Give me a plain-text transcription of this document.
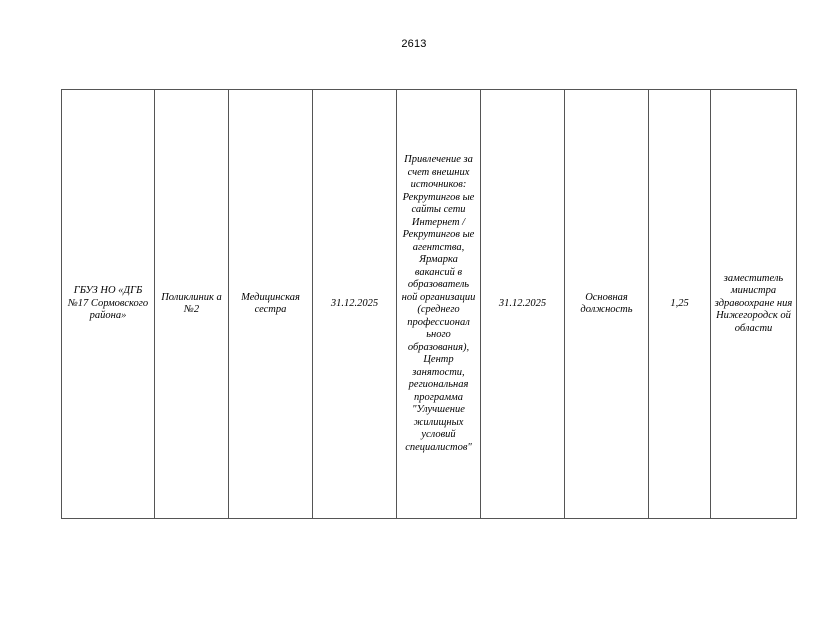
2613
ГБУЗ НО «ДГБ №17 Сормовского района»	Поликлиник а №2	Медицинская сестра	31.12.2025	Привлечение за счет внешних источников: Рекрутингов ые сайты сети Интернет / Рекрутингов ые агентства, Ярмарка вакансий в образователь ной организации (среднего профессионал ьного образования), Центр занятости, региональная программа "Улучшение жилищных условий специалистов"	31.12.2025	Основная должность	1,25	заместитель министра здравоохране ния Нижегородск ой области
